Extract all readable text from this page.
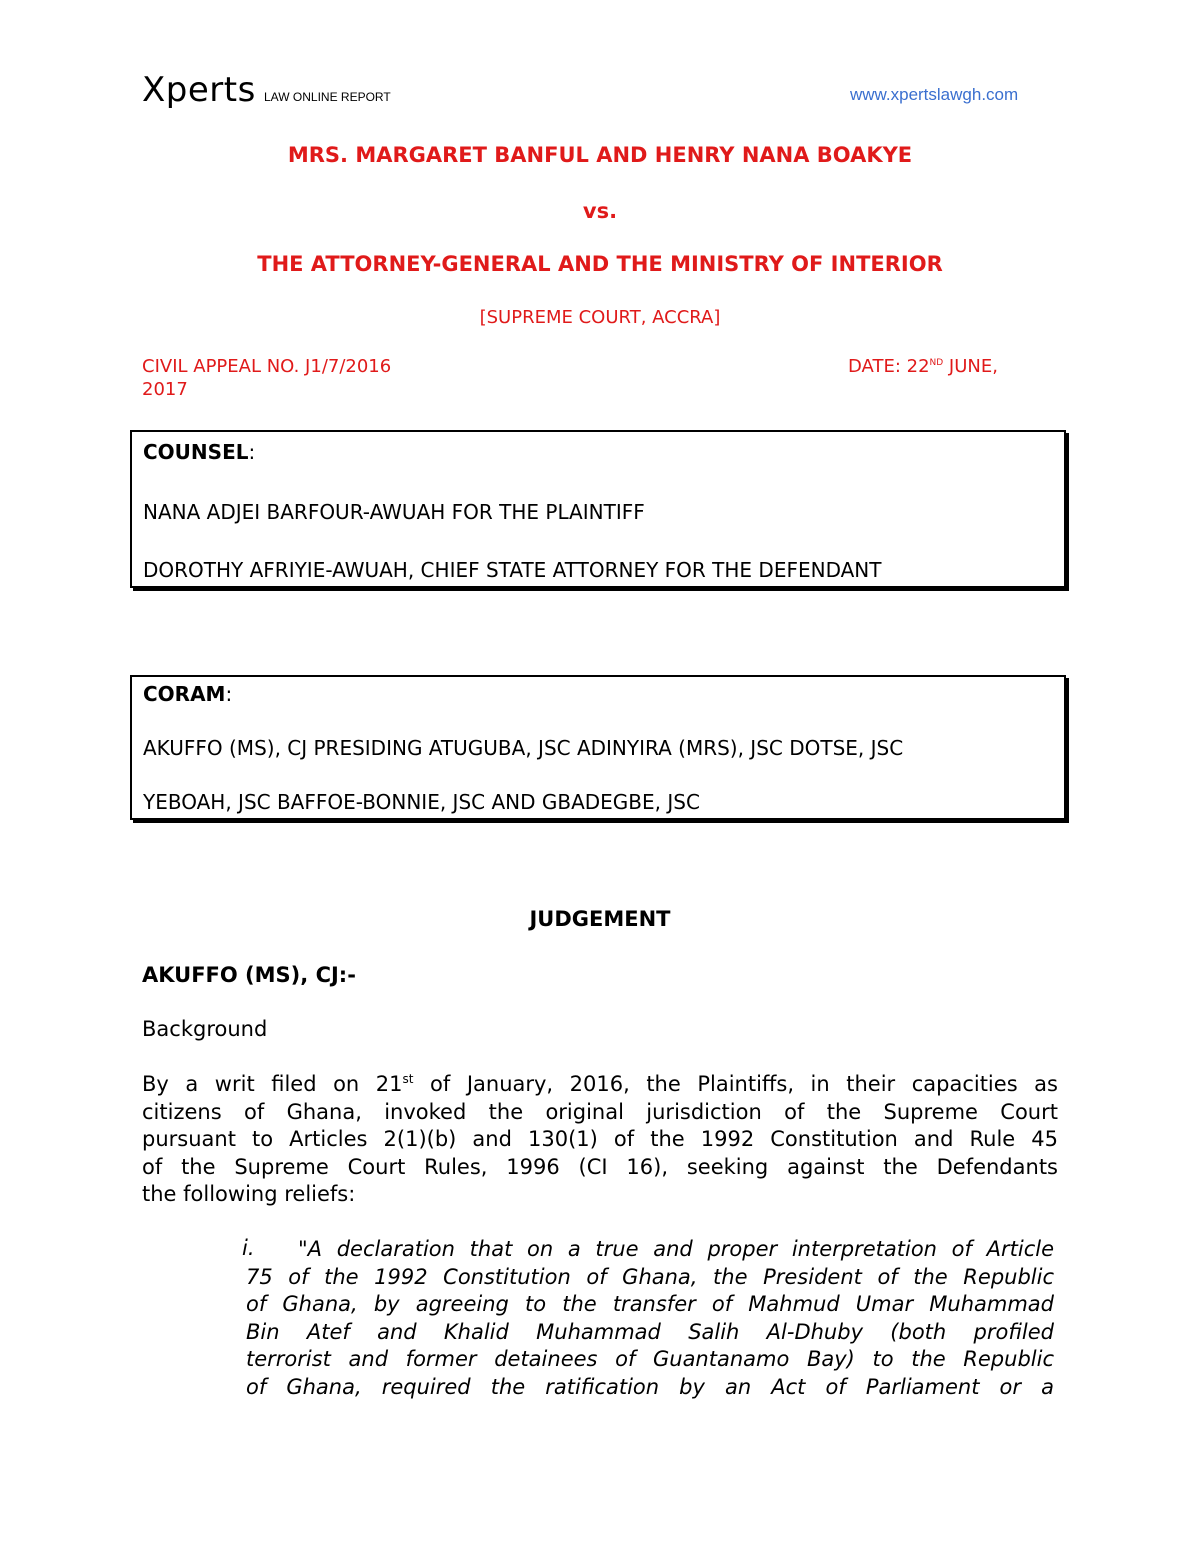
Xperts LAW ONLINE REPORT	www.xpertslawgh.com
MRS. MARGARET BANFUL AND HENRY NANA BOAKYE
vs.
THE ATTORNEY-GENERAL AND THE MINISTRY OF INTERIOR
[SUPREME COURT, ACCRA]
CIVIL APPEAL NO. J1/7/2016
2017
DATE: 22ND JUNE,
COUNSEL:
NANA ADJEI BARFOUR-AWUAH FOR THE PLAINTIFF
DOROTHY AFRIYIE-AWUAH, CHIEF STATE ATTORNEY FOR THE DEFENDANT
CORAM:
AKUFFO (MS), CJ PRESIDING ATUGUBA, JSC ADINYIRA (MRS), JSC DOTSE, JSC
YEBOAH, JSC BAFFOE-BONNIE, JSC AND GBADEGBE, JSC
JUDGEMENT
AKUFFO (MS), CJ:-
Background
By a writ filed on 21st of January, 2016, the Plaintiffs, in their capacities as
citizens of Ghana, invoked the original jurisdiction of the Supreme Court
pursuant to Articles 2(1)(b) and 130(1) of the 1992 Constitution and Rule 45
of the Supreme Court Rules, 1996 (CI 16), seeking against the Defendants
the following reliefs:
i.	"A declaration that on a true and proper interpretation of Article
75 of the 1992 Constitution of Ghana, the President of the Republic
of Ghana, by agreeing to the transfer of Mahmud Umar Muhammad
Bin Atef and Khalid Muhammad Salih Al-Dhuby (both profiled
terrorist and former detainees of Guantanamo Bay) to the Republic
of Ghana, required the ratification by an Act of Parliament or a
